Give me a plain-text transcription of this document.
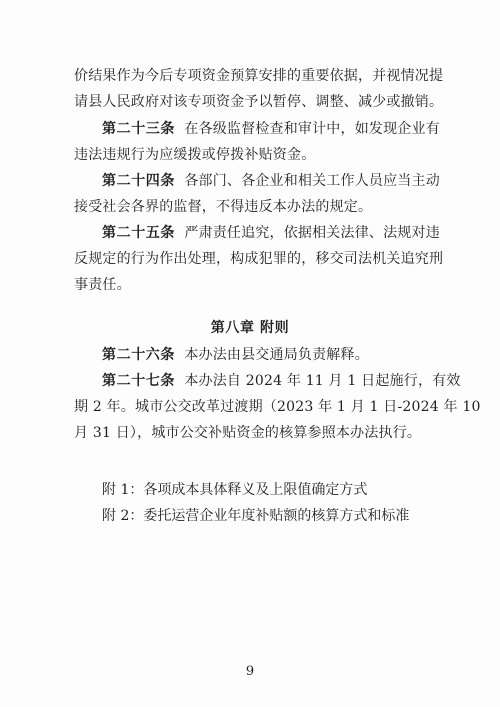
价结果作为今后专项资金预算安排的重要依据，并视情况提
请县人民政府对该专项资金予以暂停、调整、减少或撤销。
第二十三条 在各级监督检查和审计中，如发现企业有
违法违规行为应缓拨或停拨补贴资金。
第二十四条 各部门、各企业和相关工作人员应当主动
接受社会各界的监督，不得违反本办法的规定。
第二十五条 严肃责任追究，依据相关法律、法规对违
反规定的行为作出处理，构成犯罪的，移交司法机关追究刑
事责任。
第八章 附则
第二十六条 本办法由县交通局负责解释。
第二十七条 本办法自 2024 年 11 月 1 日起施行，有效
期 2 年。城市公交改革过渡期（2023 年 1 月 1 日-2024 年 10
月 31 日），城市公交补贴资金的核算参照本办法执行。
附 1：各项成本具体释义及上限值确定方式
附 2：委托运营企业年度补贴额的核算方式和标准
9
